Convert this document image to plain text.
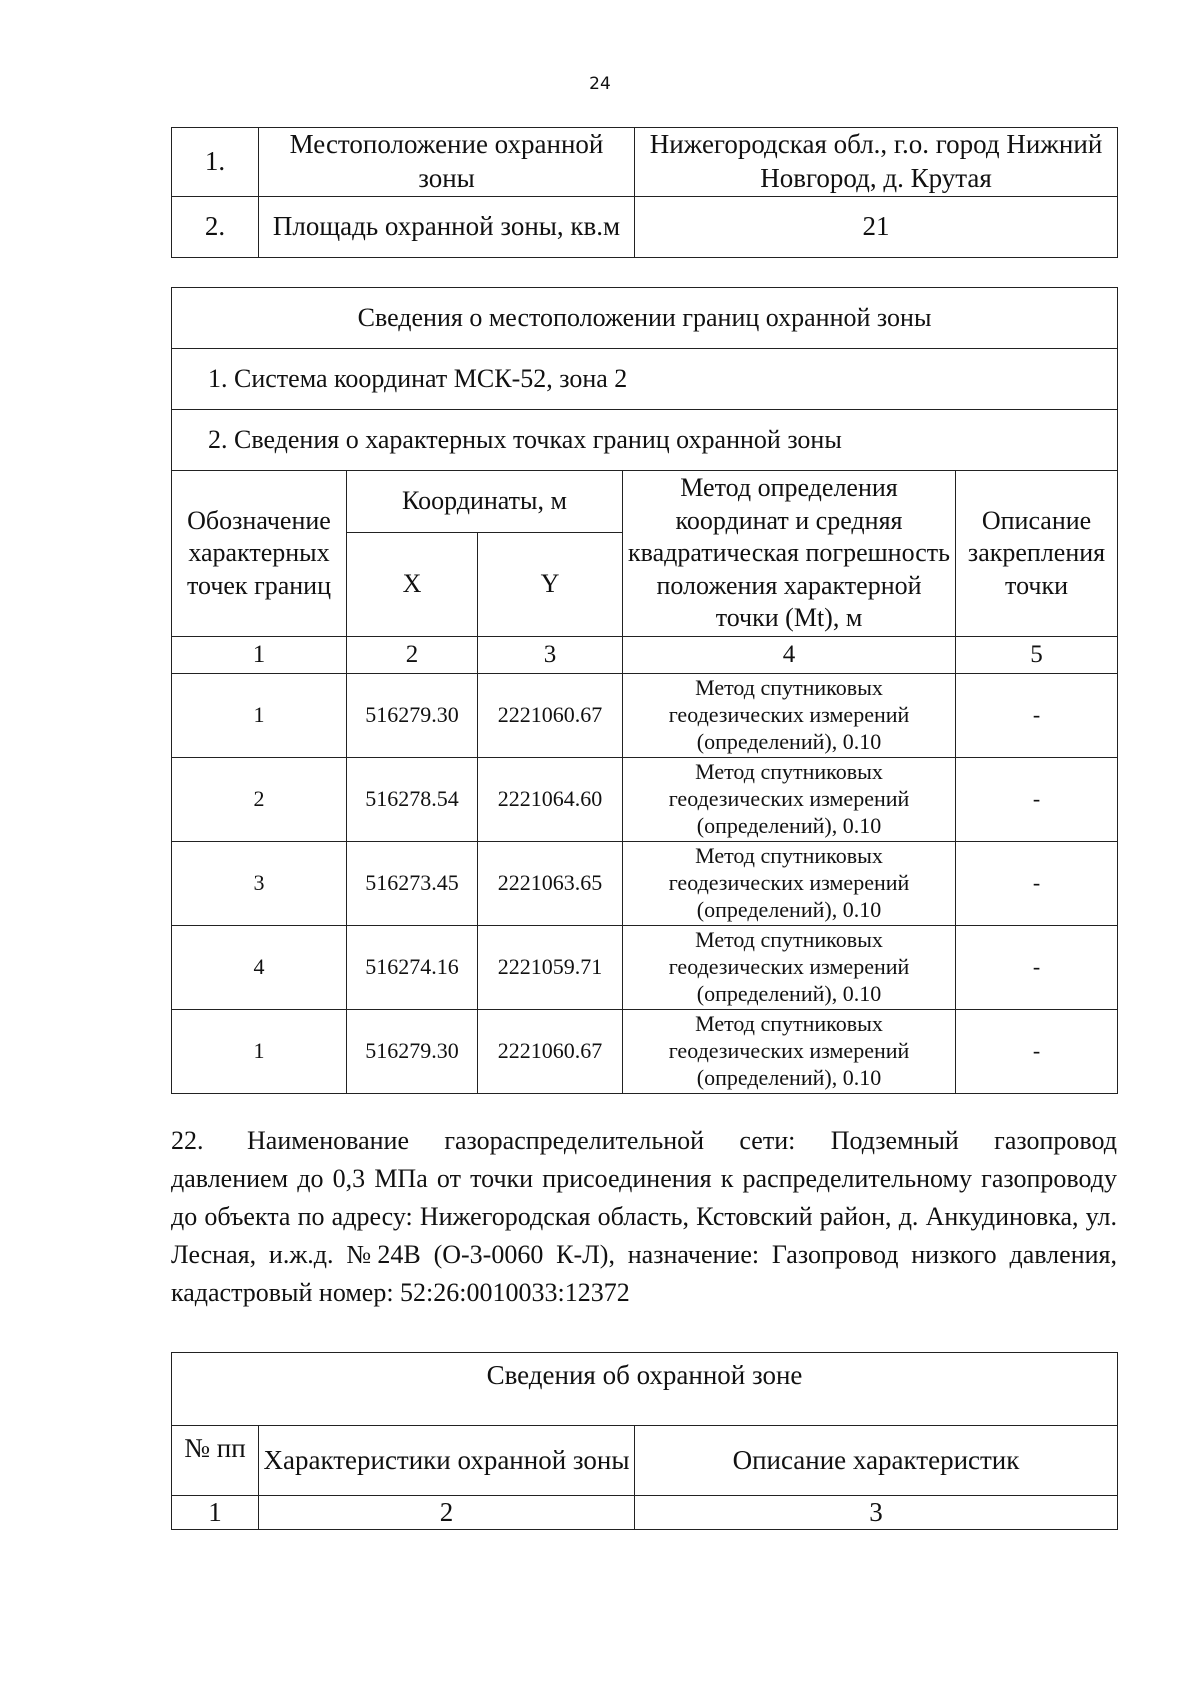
24
1.	Местоположение охранной зоны	Нижегородская обл., г.о. город Нижний Новгород, д. Крутая
2.	Площадь охранной зоны, кв.м	21
Сведения о местоположении границ охранной зоны				
1. Система координат МСК-52, зона 2				
2. Сведения о характерных точках границ охранной зоны				
Обозначение характерных точек границ	Координаты, м		Метод определения координат и средняя квадратическая погрешность положения характерной точки (Mt), м	Описание закрепления точки
	X	Y		
1	2	3	4	5
1	516279.30	2221060.67	Метод спутниковых геодезических измерений (определений), 0.10	-
2	516278.54	2221064.60	Метод спутниковых геодезических измерений (определений), 0.10	-
3	516273.45	2221063.65	Метод спутниковых геодезических измерений (определений), 0.10	-
4	516274.16	2221059.71	Метод спутниковых геодезических измерений (определений), 0.10	-
1	516279.30	2221060.67	Метод спутниковых геодезических измерений (определений), 0.10	-

22. Наименование газораспределительной сети: Подземный газопровод давлением до 0,3 МПа от точки присоединения к распределительному газопроводу до объекта по адресу: Нижегородская область, Кстовский район, д. Анкудиновка, ул. Лесная, и.ж.д. №24В (О-3-0060 К-Л), назначение: Газопровод низкого давления, кадастровый номер: 52:26:0010033:12372

Сведения об охранной зоне		
№ пп	Характеристики охранной зоны	Описание характеристик
1	2	3
